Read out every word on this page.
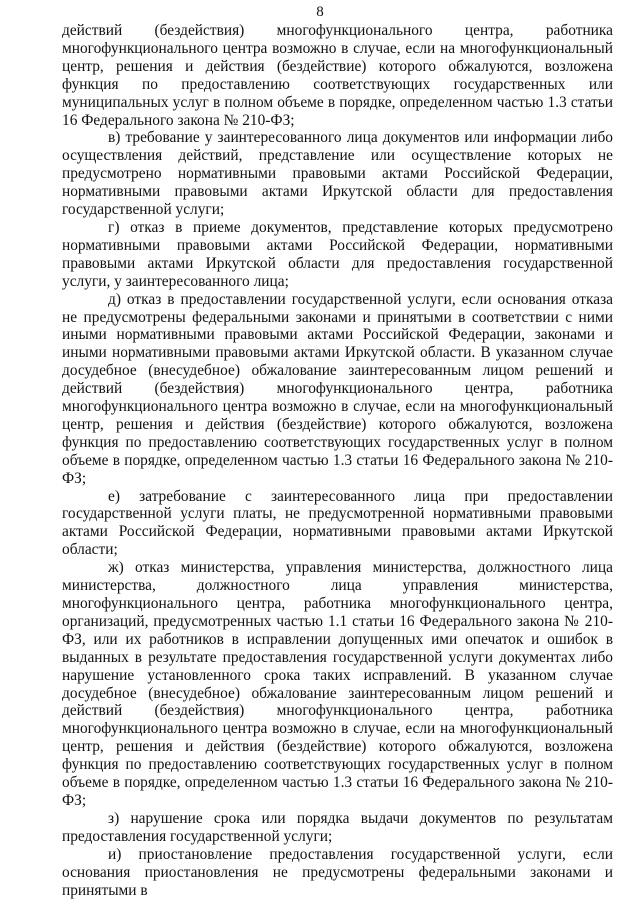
8

действий (бездействия) многофункционального центра, работника многофункционального центра возможно в случае, если на многофункциональный центр, решения и действия (бездействие) которого обжалуются, возложена функция по предоставлению соответствующих государственных или муниципальных услуг в полном объеме в порядке, определенном частью 1.3 статьи 16 Федерального закона № 210-ФЗ;

в) требование у заинтересованного лица документов или информации либо осуществления действий, представление или осуществление которых не предусмотрено нормативными правовыми актами Российской Федерации, нормативными правовыми актами Иркутской области для предоставления государственной услуги;

г) отказ в приеме документов, представление которых предусмотрено нормативными правовыми актами Российской Федерации, нормативными правовыми актами Иркутской области для предоставления государственной услуги, у заинтересованного лица;

д) отказ в предоставлении государственной услуги, если основания отказа не предусмотрены федеральными законами и принятыми в соответствии с ними иными нормативными правовыми актами Российской Федерации, законами и иными нормативными правовыми актами Иркутской области. В указанном случае досудебное (внесудебное) обжалование заинтересованным лицом решений и действий (бездействия) многофункционального центра, работника многофункционального центра возможно в случае, если на многофункциональный центр, решения и действия (бездействие) которого обжалуются, возложена функция по предоставлению соответствующих государственных услуг в полном объеме в порядке, определенном частью 1.3 статьи 16 Федерального закона № 210-ФЗ;

е) затребование с заинтересованного лица при предоставлении государственной услуги платы, не предусмотренной нормативными правовыми актами Российской Федерации, нормативными правовыми актами Иркутской области;

ж) отказ министерства, управления министерства, должностного лица министерства, должностного лица управления министерства, многофункционального центра, работника многофункционального центра, организаций, предусмотренных частью 1.1 статьи 16 Федерального закона № 210-ФЗ, или их работников в исправлении допущенных ими опечаток и ошибок в выданных в результате предоставления государственной услуги документах либо нарушение установленного срока таких исправлений. В указанном случае досудебное (внесудебное) обжалование заинтересованным лицом решений и действий (бездействия) многофункционального центра, работника многофункционального центра возможно в случае, если на многофункциональный центр, решения и действия (бездействие) которого обжалуются, возложена функция по предоставлению соответствующих государственных услуг в полном объеме в порядке, определенном частью 1.3 статьи 16 Федерального закона № 210-ФЗ;

з) нарушение срока или порядка выдачи документов по результатам предоставления государственной услуги;

и) приостановление предоставления государственной услуги, если основания приостановления не предусмотрены федеральными законами и принятыми в
